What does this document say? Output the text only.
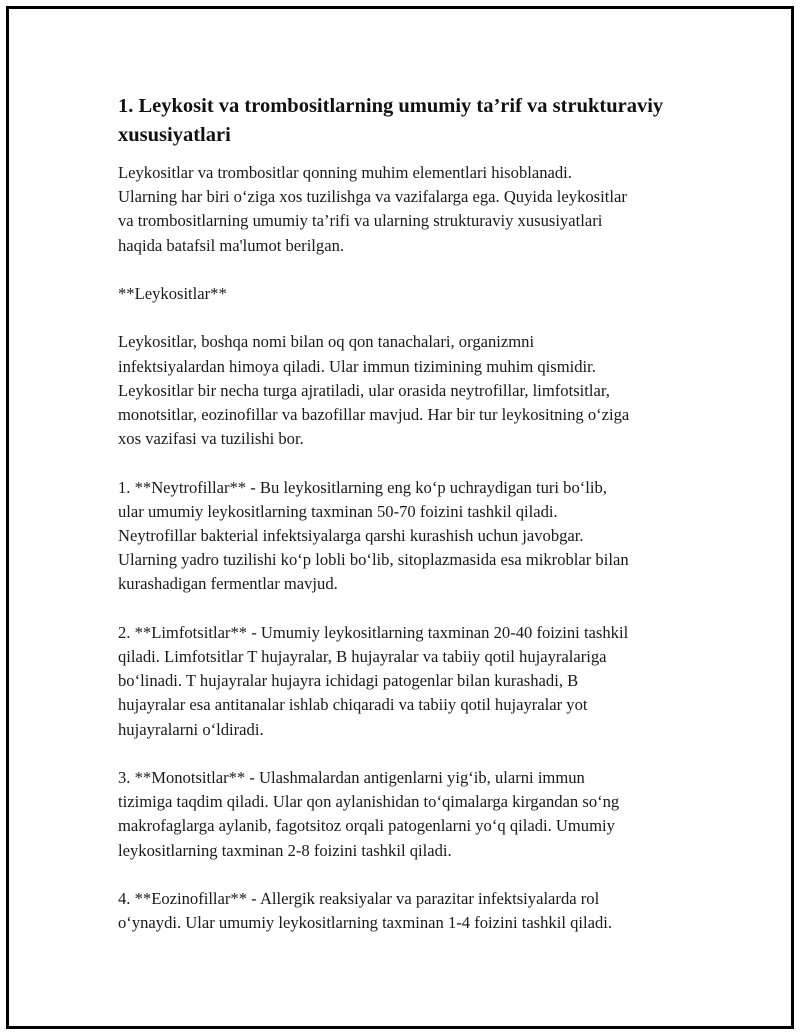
1. Leykosit va trombositlarning umumiy ta’rif va strukturaviy
xususiyatlari

Leykositlar va trombositlar qonning muhim elementlari hisoblanadi.
Ularning har biri o‘ziga xos tuzilishga va vazifalarga ega. Quyida leykositlar
va trombositlarning umumiy ta’rifi va ularning strukturaviy xususiyatlari
haqida batafsil ma'lumot berilgan.

**Leykositlar**

Leykositlar, boshqa nomi bilan oq qon tanachalari, organizmni
infektsiyalardan himoya qiladi. Ular immun tizimining muhim qismidir.
Leykositlar bir necha turga ajratiladi, ular orasida neytrofillar, limfotsitlar,
monotsitlar, eozinofillar va bazofillar mavjud. Har bir tur leykositning o‘ziga
xos vazifasi va tuzilishi bor.

1. **Neytrofillar** - Bu leykositlarning eng ko‘p uchraydigan turi bo‘lib,
ular umumiy leykositlarning taxminan 50-70 foizini tashkil qiladi.
Neytrofillar bakterial infektsiyalarga qarshi kurashish uchun javobgar.
Ularning yadro tuzilishi ko‘p lobli bo‘lib, sitoplazmasida esa mikroblar bilan
kurashadigan fermentlar mavjud.

2. **Limfotsitlar** - Umumiy leykositlarning taxminan 20-40 foizini tashkil
qiladi. Limfotsitlar T hujayralar, B hujayralar va tabiiy qotil hujayralariga
bo‘linadi. T hujayralar hujayra ichidagi patogenlar bilan kurashadi, B
hujayralar esa antitanalar ishlab chiqaradi va tabiiy qotil hujayralar yot
hujayralarni o‘ldiradi.

3. **Monotsitlar** - Ulashmalardan antigenlarni yig‘ib, ularni immun
tizimiga taqdim qiladi. Ular qon aylanishidan to‘qimalarga kirgandan so‘ng
makrofaglarga aylanib, fagotsitoz orqali patogenlarni yo‘q qiladi. Umumiy
leykositlarning taxminan 2-8 foizini tashkil qiladi.

4. **Eozinofillar** - Allergik reaksiyalar va parazitar infektsiyalarda rol
o‘ynaydi. Ular umumiy leykositlarning taxminan 1-4 foizini tashkil qiladi.
